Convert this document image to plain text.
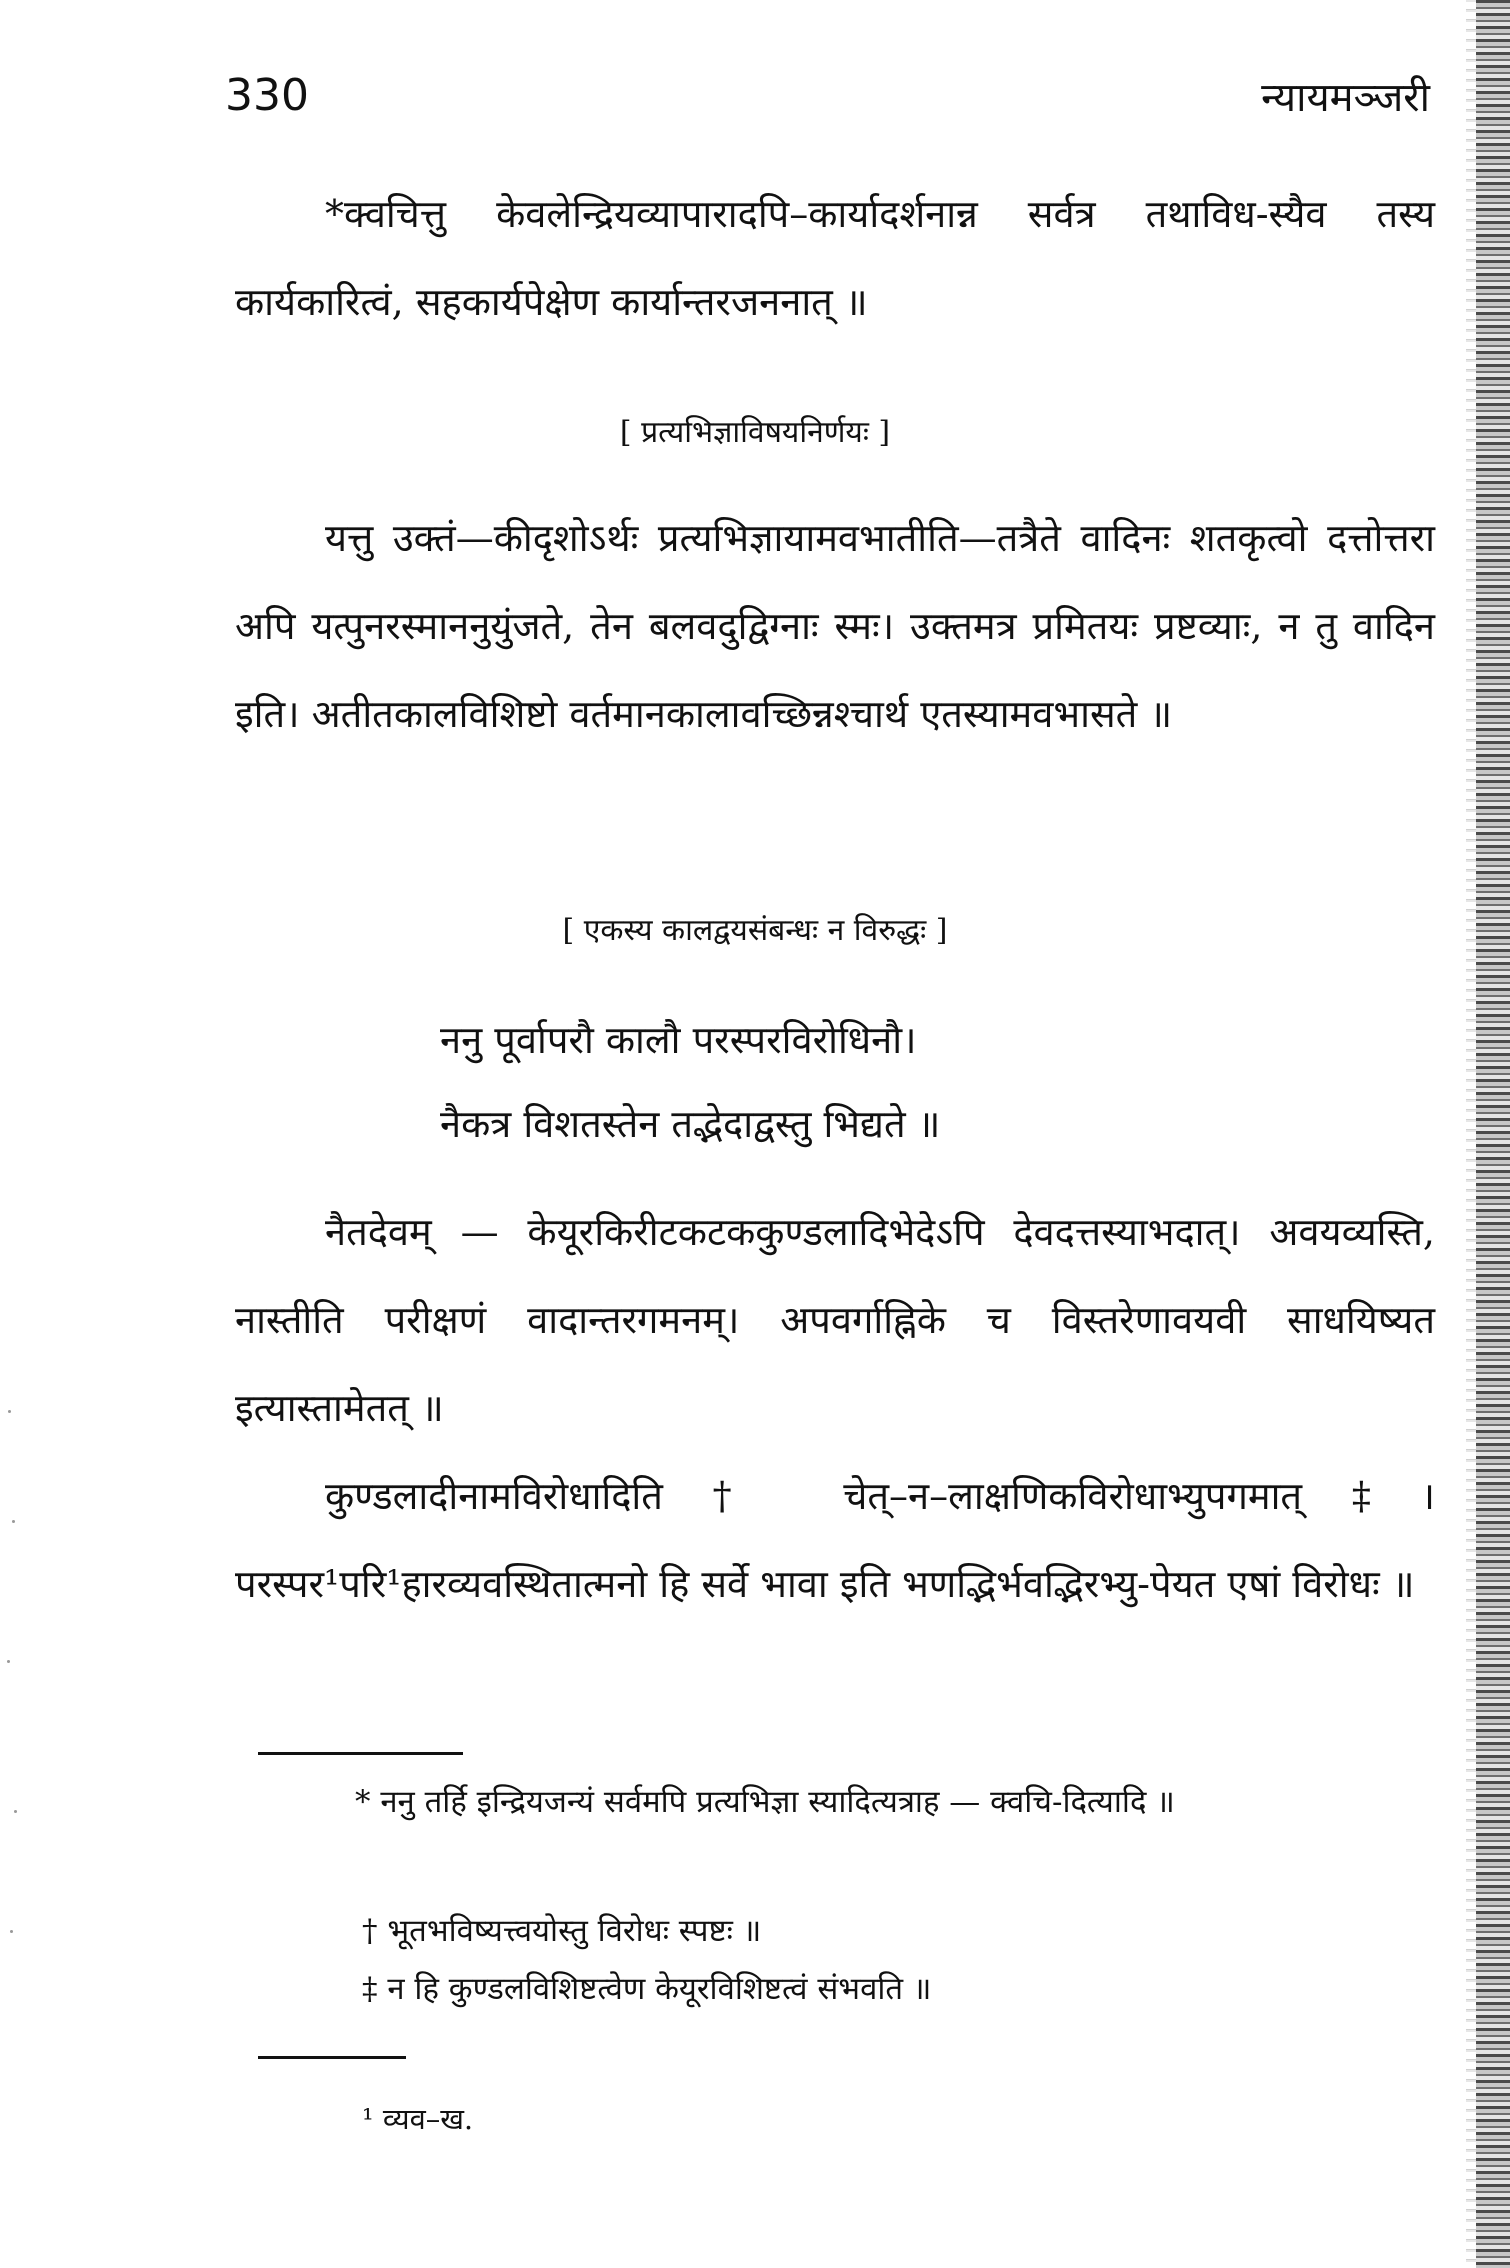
330	न्यायमञ्जरी
*क्वचित्तु केवलेन्द्रियव्यापारादपि–कार्यादर्शनान्न सर्वत्र तथाविध-स्यैव तस्य कार्यकारित्वं, सहकार्यपेक्षेण कार्यान्तरजननात् ॥
[ प्रत्यभिज्ञाविषयनिर्णयः ]
यत्तु उक्तं—कीदृशोऽर्थः प्रत्यभिज्ञायामवभातीति—तत्रैते वादिनः शतकृत्वो दत्तोत्तरा अपि यत्पुनरस्माननुयुंजते, तेन बलवदुद्विग्नाः स्मः। उक्तमत्र प्रमितयः प्रष्टव्याः, न तु वादिन इति। अतीतकालविशिष्टो वर्तमानकालावच्छिन्नश्चार्थ एतस्यामवभासते ॥
[ एकस्य कालद्वयसंबन्धः न विरुद्धः ]
ननु पूर्वापरौ कालौ परस्परविरोधिनौ।
नैकत्र विशतस्तेन तद्भेदाद्वस्तु भिद्यते ॥
नैतदेवम् — केयूरकिरीटकटककुण्डलादिभेदेऽपि देवदत्तस्याभदात्। अवयव्यस्ति, नास्तीति परीक्षणं वादान्तरगमनम्। अपवर्गाह्निके च विस्तरेणावयवी साधयिष्यत इत्यास्तामेतत् ॥
कुण्डलादीनामविरोधादिति† चेत्–न–लाक्षणिकविरोधाभ्युपगमात्‡। परस्पर¹परि¹हारव्यवस्थितात्मनो हि सर्वे भावा इति भणद्भिर्भवद्भिरभ्यु-पेयत एषां विरोधः ॥
* ननु तर्हि इन्द्रियजन्यं सर्वमपि प्रत्यभिज्ञा स्यादित्यत्राह — क्वचि-दित्यादि ॥
† भूतभविष्यत्त्वयोस्तु विरोधः स्पष्टः ॥
‡ न हि कुण्डलविशिष्टत्वेण केयूरविशिष्टत्वं संभवति ॥
¹ व्यव–ख.
